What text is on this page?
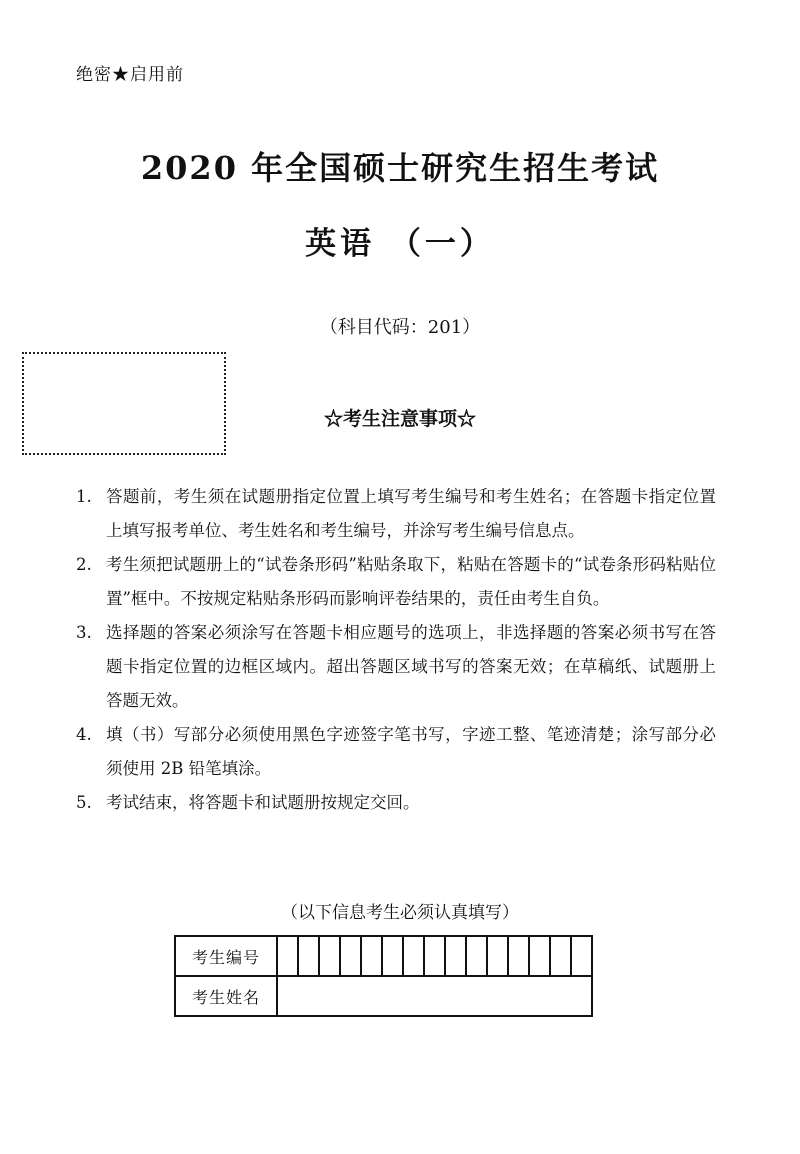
绝密★启用前
2020 年全国硕士研究生招生考试
英语 （一）
（科目代码：201）
☆考生注意事项☆
1. 答题前，考生须在试题册指定位置上填写考生编号和考生姓名；在答题卡指定位置上填写报考单位、考生姓名和考生编号，并涂写考生编号信息点。
2. 考生须把试题册上的“试卷条形码”粘贴条取下，粘贴在答题卡的“试卷条形码粘贴位置”框中。不按规定粘贴条形码而影响评卷结果的，责任由考生自负。
3. 选择题的答案必须涂写在答题卡相应题号的选项上，非选择题的答案必须书写在答题卡指定位置的边框区域内。超出答题区域书写的答案无效；在草稿纸、试题册上答题无效。
4. 填（书）写部分必须使用黑色字迹签字笔书写，字迹工整、笔迹清楚；涂写部分必须使用 2B 铅笔填涂。
5. 考试结束，将答题卡和试题册按规定交回。
（以下信息考生必须认真填写）
考生编号															
考生姓名															
